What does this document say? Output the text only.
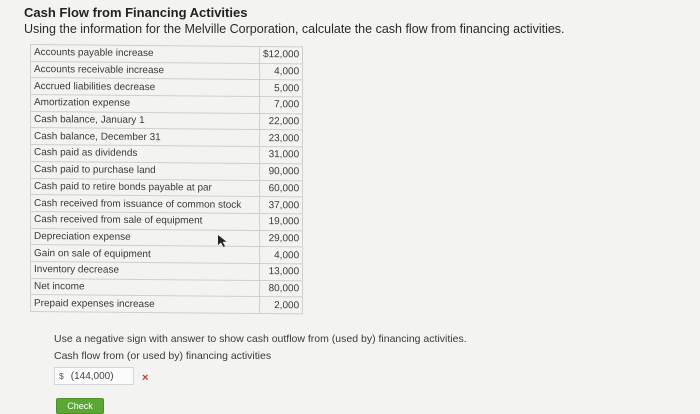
Cash Flow from Financing Activities
Using the information for the Melville Corporation, calculate the cash flow from financing activities.
Accounts payable increase	$12,000
Accounts receivable increase	4,000
Accrued liabilities decrease	5,000
Amortization expense	7,000
Cash balance, January 1	22,000
Cash balance, December 31	23,000
Cash paid as dividends	31,000
Cash paid to purchase land	90,000
Cash paid to retire bonds payable at par	60,000
Cash received from issuance of common stock	37,000
Cash received from sale of equipment	19,000
Depreciation expense	29,000
Gain on sale of equipment	4,000
Inventory decrease	13,000
Net income	80,000
Prepaid expenses increase	2,000
Use a negative sign with answer to show cash outflow from (used by) financing activities.
Cash flow from (or used by) financing activities
$ (144,000)	×
Check
